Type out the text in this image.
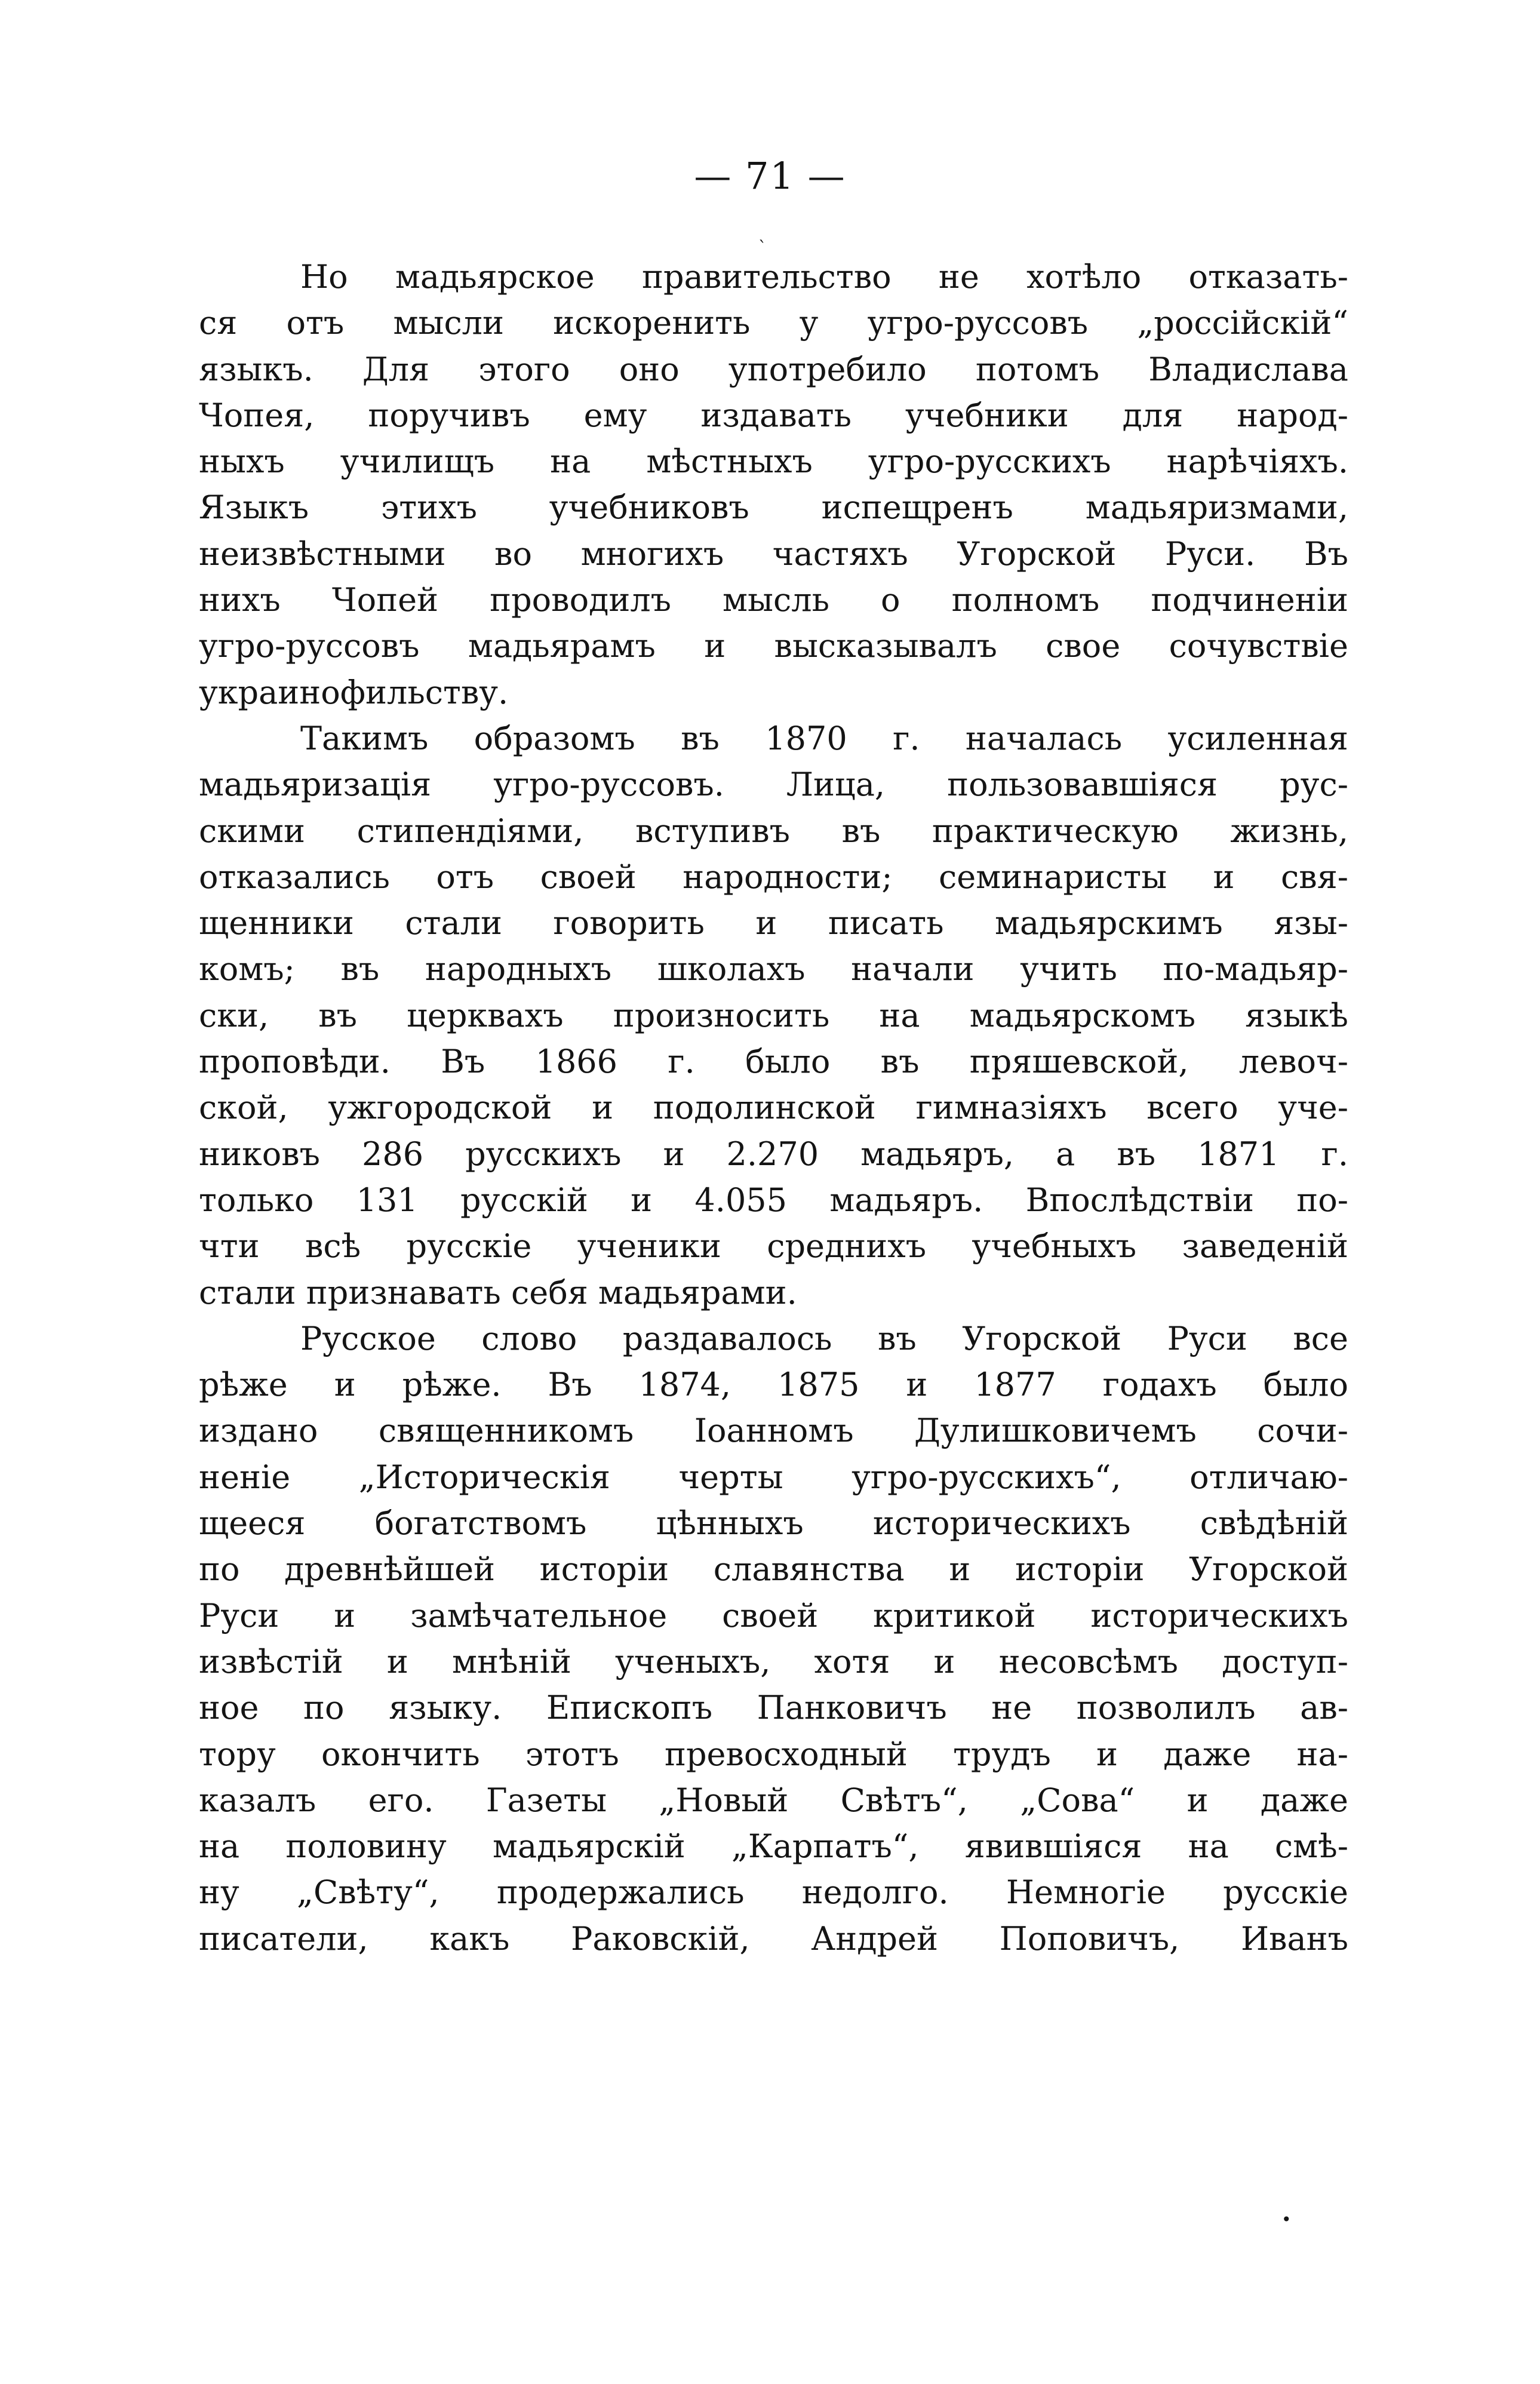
— 71 —
ˋ
Но мадьярское правительство не хотѣло отказать-
ся отъ мысли искоренить у угро-руссовъ „россійскій“
языкъ. Для этого оно употребило потомъ Владислава
Чопея, поручивъ ему издавать учебники для народ-
ныхъ училищъ на мѣстныхъ угро-русскихъ нарѣчіяхъ.
Языкъ этихъ учебниковъ испещренъ мадьяризмами,
неизвѣстными во многихъ частяхъ Угорской Руси. Въ
нихъ Чопей проводилъ мысль о полномъ подчиненіи
угро-руссовъ мадьярамъ и высказывалъ свое сочувствіе
украинофильству.
Такимъ образомъ въ 1870 г. началась усиленная
мадьяризація угро-руссовъ. Лица, пользовавшіяся рус-
скими стипендіями, вступивъ въ практическую жизнь,
отказались отъ своей народности; семинаристы и свя-
щенники стали говорить и писать мадьярскимъ язы-
комъ; въ народныхъ школахъ начали учить по-мадьяр-
ски, въ церквахъ произносить на мадьярскомъ языкѣ
проповѣди. Въ 1866 г. было въ пряшевской, левоч-
ской, ужгородской и подолинской гимназіяхъ всего уче-
никовъ 286 русскихъ и 2.270 мадьяръ, а въ 1871 г.
только 131 русскій и 4.055 мадьяръ. Впослѣдствіи по-
чти всѣ русскіе ученики среднихъ учебныхъ заведеній
стали признавать себя мадьярами.
Русское слово раздавалось въ Угорской Руси все
рѣже и рѣже. Въ 1874, 1875 и 1877 годахъ было
издано священникомъ Іоанномъ Дулишковичемъ сочи-
неніе „Историческія черты угро-русскихъ“, отличаю-
щееся богатствомъ цѣнныхъ историческихъ свѣдѣній
по древнѣйшей исторіи славянства и исторіи Угорской
Руси и замѣчательное своей критикой историческихъ
извѣстій и мнѣній ученыхъ, хотя и несовсѣмъ доступ-
ное по языку. Епископъ Панковичъ не позволилъ ав-
тору окончить этотъ превосходный трудъ и даже на-
казалъ его. Газеты „Новый Свѣтъ“, „Сова“ и даже
на половину мадьярскій „Карпатъ“, явившіяся на смѣ-
ну „Свѣту“, продержались недолго. Немногіе русскіе
писатели, какъ Раковскій, Андрей Поповичъ, Иванъ
•
